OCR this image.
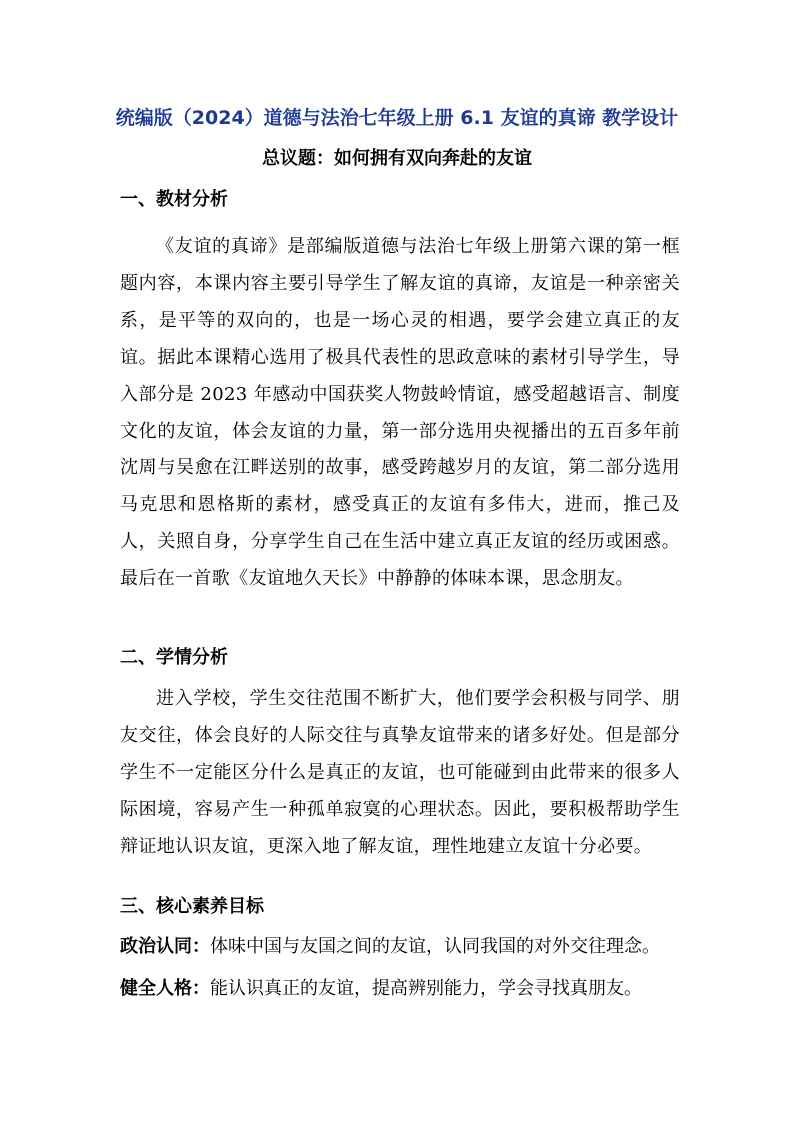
统编版（2024）道德与法治七年级上册 6.1 友谊的真谛 教学设计
总议题：如何拥有双向奔赴的友谊
一、教材分析

《友谊的真谛》是部编版道德与法治七年级上册第六课的第一框题内容，本课内容主要引导学生了解友谊的真谛，友谊是一种亲密关系，是平等的双向的，也是一场心灵的相遇，要学会建立真正的友谊。据此本课精心选用了极具代表性的思政意味的素材引导学生，导入部分是 2023 年感动中国获奖人物鼓岭情谊，感受超越语言、制度文化的友谊，体会友谊的力量，第一部分选用央视播出的五百多年前沈周与吴愈在江畔送别的故事，感受跨越岁月的友谊，第二部分选用马克思和恩格斯的素材，感受真正的友谊有多伟大，进而，推己及人，关照自身，分享学生自己在生活中建立真正友谊的经历或困惑。最后在一首歌《友谊地久天长》中静静的体味本课，思念朋友。

二、学情分析

进入学校，学生交往范围不断扩大，他们要学会积极与同学、朋友交往，体会良好的人际交往与真挚友谊带来的诸多好处。但是部分学生不一定能区分什么是真正的友谊，也可能碰到由此带来的很多人际困境，容易产生一种孤单寂寞的心理状态。因此，要积极帮助学生辩证地认识友谊，更深入地了解友谊，理性地建立友谊十分必要。

三、核心素养目标
政治认同：体味中国与友国之间的友谊，认同我国的对外交往理念。
健全人格：能认识真正的友谊，提高辨别能力，学会寻找真朋友。
